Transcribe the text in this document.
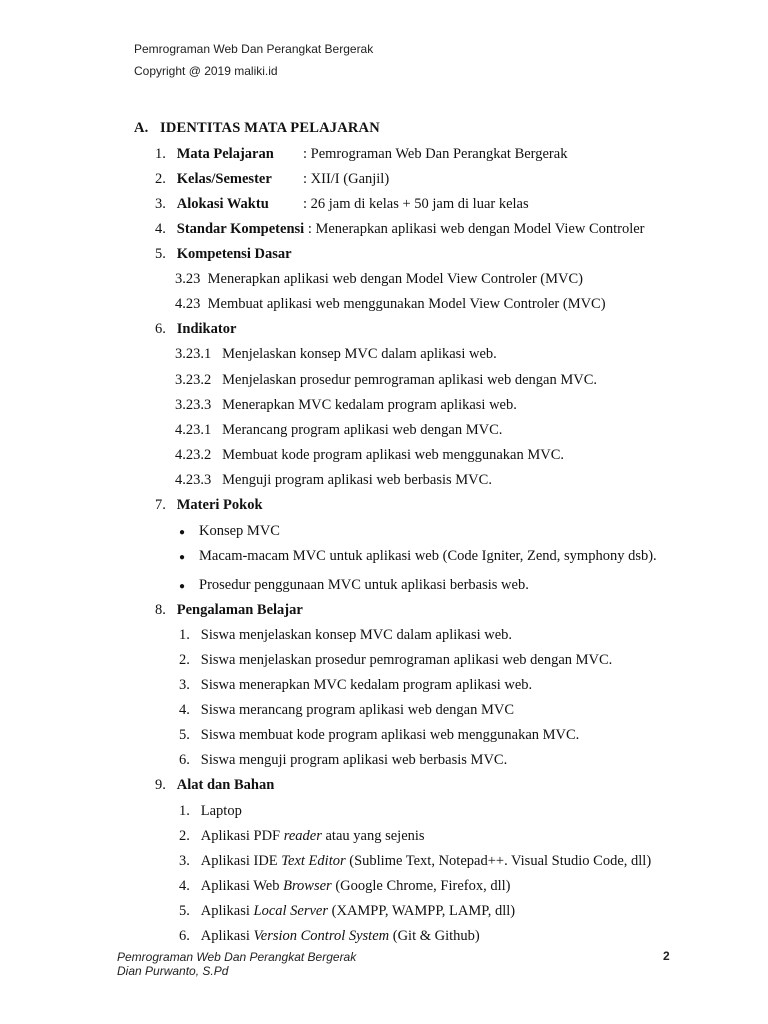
Pemrograman Web Dan Perangkat Bergerak
Copyright @ 2019 maliki.id
A. IDENTITAS MATA PELAJARAN
1. Mata Pelajaran : Pemrograman Web Dan Perangkat Bergerak
2. Kelas/Semester : XII/I (Ganjil)
3. Alokasi Waktu : 26 jam di kelas + 50 jam di luar kelas
4. Standar Kompetensi : Menerapkan aplikasi web dengan Model View Controler
5. Kompetensi Dasar
3.23 Menerapkan aplikasi web dengan Model View Controler (MVC)
4.23 Membuat aplikasi web menggunakan Model View Controler (MVC)
6. Indikator
3.23.1 Menjelaskan konsep MVC dalam aplikasi web.
3.23.2 Menjelaskan prosedur pemrograman aplikasi web dengan MVC.
3.23.3 Menerapkan MVC kedalam program aplikasi web.
4.23.1 Merancang program aplikasi web dengan MVC.
4.23.2 Membuat kode program aplikasi web menggunakan MVC.
4.23.3 Menguji program aplikasi web berbasis MVC.
7. Materi Pokok
● Konsep MVC
● Macam-macam MVC untuk aplikasi web (Code Igniter, Zend, symphony dsb).
● Prosedur penggunaan MVC untuk aplikasi berbasis web.
8. Pengalaman Belajar
1. Siswa menjelaskan konsep MVC dalam aplikasi web.
2. Siswa menjelaskan prosedur pemrograman aplikasi web dengan MVC.
3. Siswa menerapkan MVC kedalam program aplikasi web.
4. Siswa merancang program aplikasi web dengan MVC
5. Siswa membuat kode program aplikasi web menggunakan MVC.
6. Siswa menguji program aplikasi web berbasis MVC.
9. Alat dan Bahan
1. Laptop
2. Aplikasi PDF reader atau yang sejenis
3. Aplikasi IDE Text Editor (Sublime Text, Notepad++. Visual Studio Code, dll)
4. Aplikasi Web Browser (Google Chrome, Firefox, dll)
5. Aplikasi Local Server (XAMPP, WAMPP, LAMP, dll)
6. Aplikasi Version Control System (Git & Github)
Pemrograman Web Dan Perangkat Bergerak
Dian Purwanto, S.Pd
2
